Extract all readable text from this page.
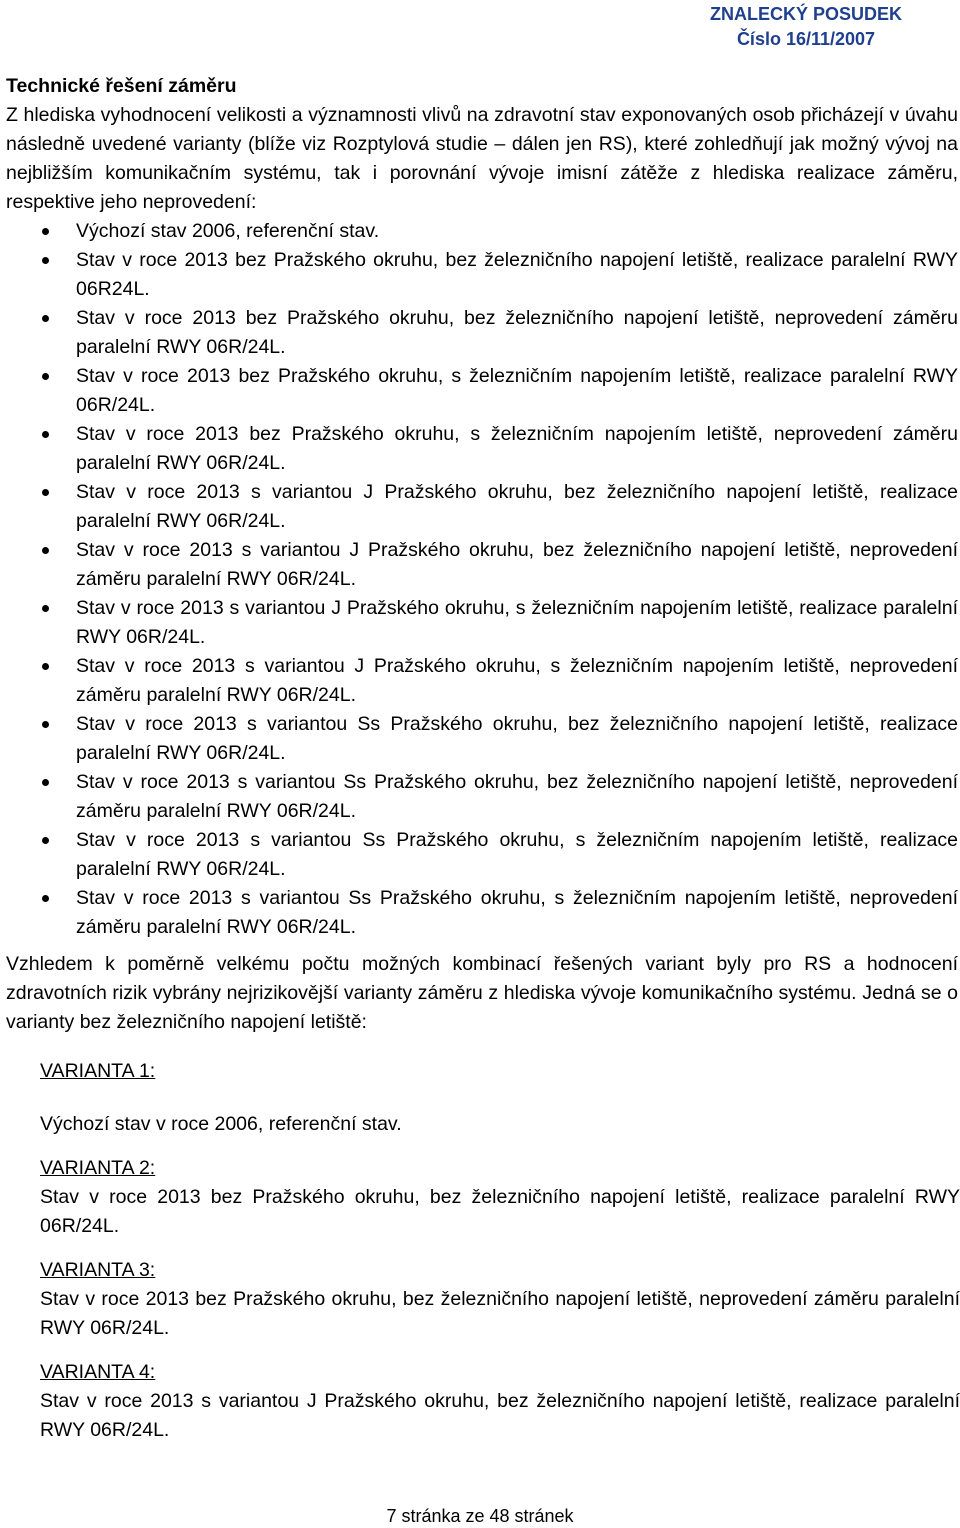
ZNALECKÝ POSUDEK
Číslo 16/11/2007
Technické řešení záměru
Z hlediska vyhodnocení velikosti a významnosti vlivů na zdravotní stav exponovaných osob přicházejí v úvahu následně uvedené varianty (blíže viz Rozptylová studie – dálen jen RS), které zohledňují jak možný vývoj na nejbližším komunikačním systému, tak i porovnání vývoje imisní zátěže z hlediska realizace záměru, respektive jeho neprovedení:
Výchozí stav 2006, referenční stav.
Stav v roce 2013 bez Pražského okruhu, bez železničního napojení letiště, realizace paralelní RWY 06R24L.
Stav v roce 2013 bez Pražského okruhu, bez železničního napojení letiště, neprovedení záměru paralelní RWY 06R/24L.
Stav v roce 2013 bez Pražského okruhu, s železničním napojením letiště, realizace paralelní RWY 06R/24L.
Stav v roce 2013 bez Pražského okruhu, s železničním napojením letiště, neprovedení záměru paralelní RWY 06R/24L.
Stav v roce 2013 s variantou J Pražského okruhu, bez železničního napojení letiště, realizace paralelní RWY 06R/24L.
Stav v roce 2013 s variantou J Pražského okruhu, bez železničního napojení letiště, neprovedení záměru paralelní RWY 06R/24L.
Stav v roce 2013 s variantou J Pražského okruhu, s železničním napojením letiště, realizace paralelní RWY 06R/24L.
Stav v roce 2013 s variantou J Pražského okruhu, s železničním napojením letiště, neprovedení záměru paralelní RWY 06R/24L.
Stav v roce 2013 s variantou Ss Pražského okruhu, bez železničního napojení letiště, realizace paralelní RWY 06R/24L.
Stav v roce 2013 s variantou Ss Pražského okruhu, bez železničního napojení letiště, neprovedení záměru paralelní RWY 06R/24L.
Stav v roce 2013 s variantou Ss Pražského okruhu, s železničním napojením letiště, realizace paralelní RWY 06R/24L.
Stav v roce 2013 s variantou Ss Pražského okruhu, s železničním napojením letiště, neprovedení záměru paralelní RWY 06R/24L.
Vzhledem k poměrně velkému počtu možných kombinací řešených variant byly pro RS a hodnocení zdravotních rizik vybrány nejrizikovější varianty záměru z hlediska vývoje komunikačního systému. Jedná se o varianty bez železničního napojení letiště:
VARIANTA 1:
Výchozí stav v roce 2006, referenční stav.
VARIANTA 2:
Stav v roce 2013 bez Pražského okruhu, bez železničního napojení letiště, realizace paralelní RWY 06R/24L.
VARIANTA 3:
Stav v roce 2013 bez Pražského okruhu, bez železničního napojení letiště, neprovedení záměru paralelní RWY 06R/24L.
VARIANTA 4:
Stav v roce 2013 s variantou J Pražského okruhu, bez železničního napojení letiště, realizace paralelní RWY 06R/24L.
7 stránka ze 48 stránek
